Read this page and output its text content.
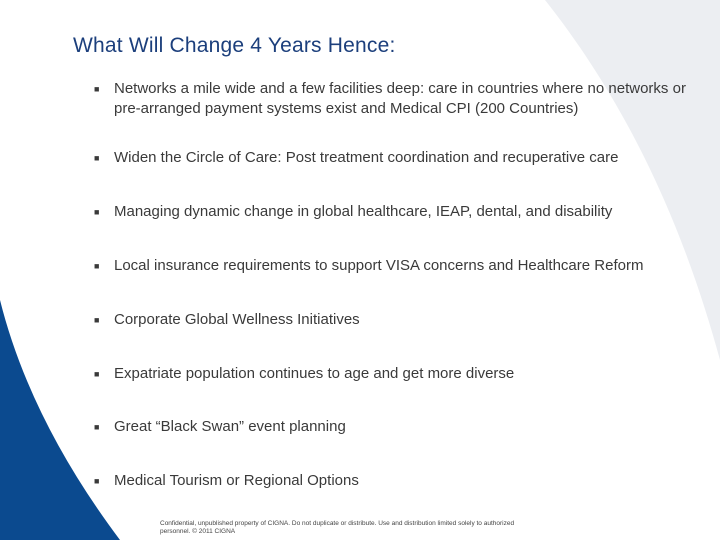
What Will Change 4 Years Hence:
■ Networks a mile wide and a few facilities deep: care in countries where no networks or pre-arranged payment systems exist and Medical CPI (200 Countries)
■ Widen the Circle of Care: Post treatment coordination and recuperative care
■ Managing dynamic change in global healthcare, IEAP, dental, and disability
■ Local insurance requirements to support VISA concerns and Healthcare Reform
■ Corporate Global Wellness Initiatives
■ Expatriate population continues to age and get more diverse
■ Great “Black Swan” event planning
■ Medical Tourism or Regional Options
Confidential, unpublished property of CIGNA. Do not duplicate or distribute. Use and distribution limited solely to authorized personnel. © 2011 CIGNA
